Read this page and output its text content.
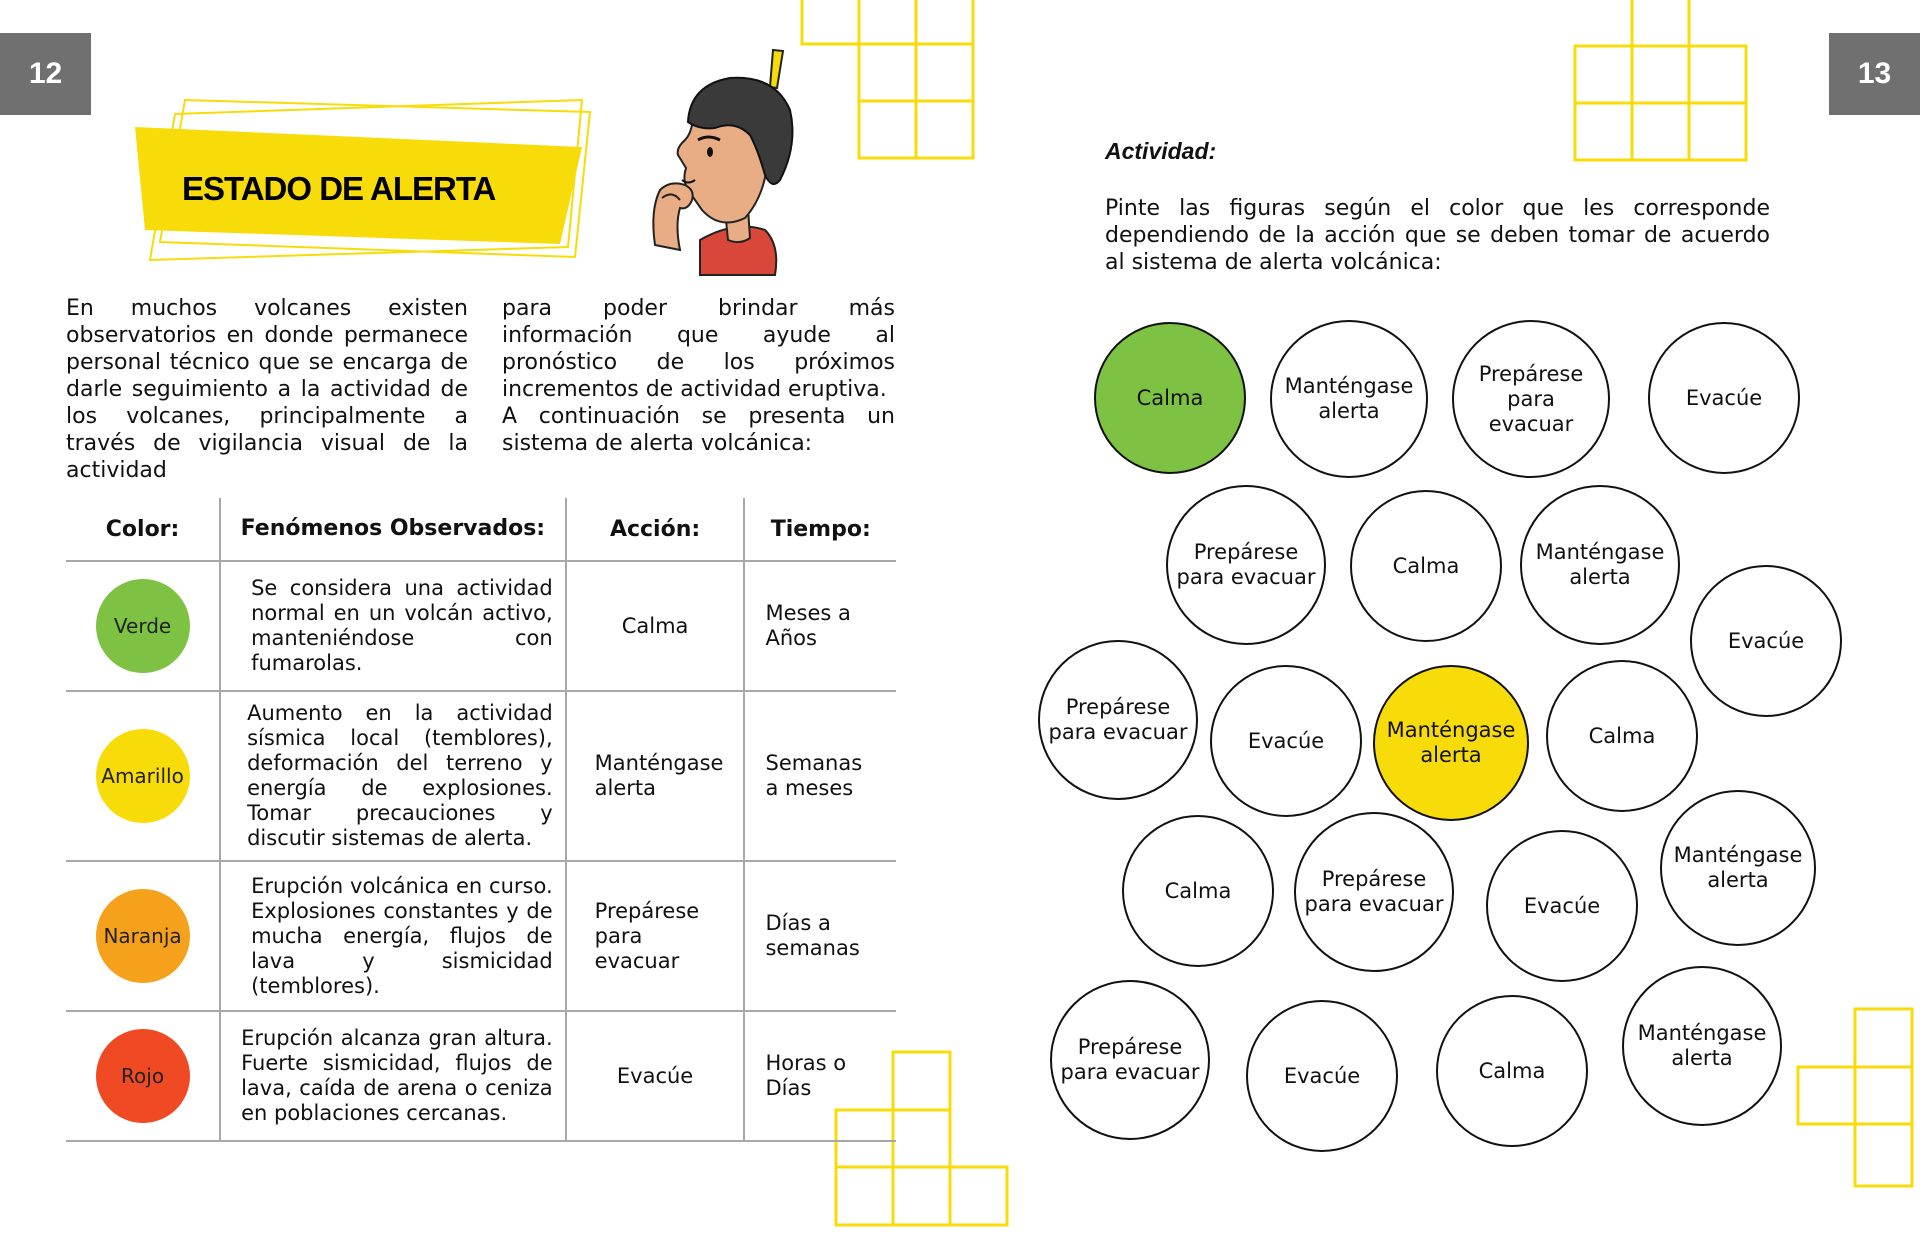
12	13
ESTADO DE ALERTA
En muchos volcanes existen observatorios en donde permanece personal técnico que se encarga de darle seguimiento a la actividad de los volcanes, principalmente a través de vigilancia visual de la actividad
para poder brindar más información que ayude al pronóstico de los próximos incrementos de actividad eruptiva.
A continuación se presenta un sistema de alerta volcánica:
Color:	Fenómenos Observados:	Acción:	Tiempo:

Verde	Se considera una actividad normal en un volcán activo, manteniéndose con fumarolas.	Calma	Meses a Años

Amarillo	Aumento en la actividad sísmica local (temblores), deformación del terreno y energía de explosiones. Tomar precauciones y discutir sistemas de alerta.	Manténgase alerta	Semanas a meses

Naranja	Erupción volcánica en curso. Explosiones constantes y de mucha energía, flujos de lava y sismicidad (temblores).	Prepárese para evacuar	Días a semanas

Rojo	Erupción alcanza gran altura. Fuerte sismicidad, flujos de lava, caída de arena o ceniza en poblaciones cercanas.	Evacúe	Horas o Días
Actividad:
Pinte las figuras según el color que les corresponde dependiendo de la acción que se deben tomar de acuerdo al sistema de alerta volcánica:
Calma	Manténgase alerta
Prepárese para evacuar
Evacúe
Prepárese para evacuar	Calma
Manténgase alerta
Evacúe
Prepárese para evacuar	Evacúe	Manténgase alerta
Calma
Calma	Prepárese para evacuar	Evacúe
Manténgase alerta
Prepárese para evacuar	Evacúe	Calma
Manténgase alerta
